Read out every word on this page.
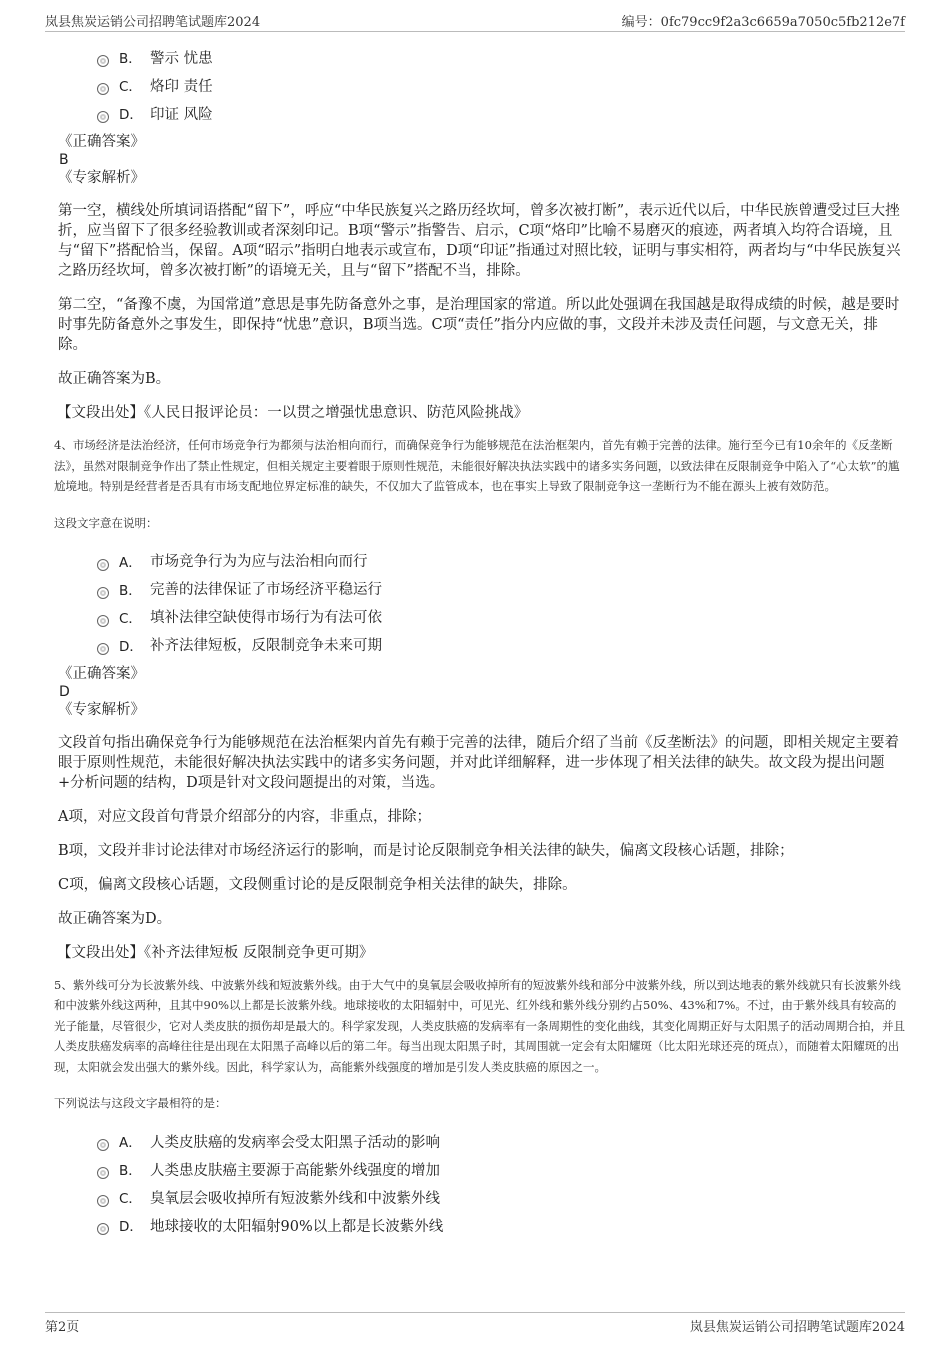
岚县焦炭运销公司招聘笔试题库2024	编号：0fc79cc9f2a3c6659a7050c5fb212e7f
B． 警示 忧患
C． 烙印 责任
D． 印证 风险
《正确答案》
B
《专家解析》
第一空，横线处所填词语搭配“留下”，呼应“中华民族复兴之路历经坎坷，曾多次被打断”，表示近代以后，中华民族曾遭受过巨大挫折，应当留下了很多经验教训或者深刻印记。B项“警示”指警告、启示，C项“烙印”比喻不易磨灭的痕迹，两者填入均符合语境，且与“留下”搭配恰当，保留。A项“昭示”指明白地表示或宣布，D项“印证”指通过对照比较，证明与事实相符，两者均与“中华民族复兴之路历经坎坷，曾多次被打断”的语境无关，且与“留下”搭配不当，排除。
第二空，“备豫不虞，为国常道”意思是事先防备意外之事，是治理国家的常道。所以此处强调在我国越是取得成绩的时候，越是要时时事先防备意外之事发生，即保持“忧患”意识，B项当选。C项“责任”指分内应做的事，文段并未涉及责任问题，与文意无关，排除。
故正确答案为B。
【文段出处】《人民日报评论员：一以贯之增强忧患意识、防范风险挑战》
4、市场经济是法治经济，任何市场竞争行为都须与法治相向而行，而确保竞争行为能够规范在法治框架内，首先有赖于完善的法律。施行至今已有10余年的《反垄断法》，虽然对限制竞争作出了禁止性规定，但相关规定主要着眼于原则性规范，未能很好解决执法实践中的诸多实务问题，以致法律在反限制竞争中陷入了“心太软”的尴尬境地。特别是经营者是否具有市场支配地位界定标准的缺失，不仅加大了监管成本，也在事实上导致了限制竞争这一垄断行为不能在源头上被有效防范。
这段文字意在说明：
A． 市场竞争行为为应与法治相向而行
B． 完善的法律保证了市场经济平稳运行
C． 填补法律空缺使得市场行为有法可依
D． 补齐法律短板，反限制竞争未来可期
《正确答案》
D
《专家解析》
文段首句指出确保竞争行为能够规范在法治框架内首先有赖于完善的法律，随后介绍了当前《反垄断法》的问题，即相关规定主要着眼于原则性规范，未能很好解决执法实践中的诸多实务问题，并对此详细解释，进一步体现了相关法律的缺失。故文段为提出问题+分析问题的结构，D项是针对文段问题提出的对策，当选。
A项，对应文段首句背景介绍部分的内容，非重点，排除；
B项，文段并非讨论法律对市场经济运行的影响，而是讨论反限制竞争相关法律的缺失，偏离文段核心话题，排除；
C项，偏离文段核心话题，文段侧重讨论的是反限制竞争相关法律的缺失，排除。
故正确答案为D。
【文段出处】《补齐法律短板 反限制竞争更可期》
5、紫外线可分为长波紫外线、中波紫外线和短波紫外线。由于大气中的臭氧层会吸收掉所有的短波紫外线和部分中波紫外线，所以到达地表的紫外线就只有长波紫外线和中波紫外线这两种，且其中90%以上都是长波紫外线。地球接收的太阳辐射中，可见光、红外线和紫外线分别约占50%、43%和7%。不过，由于紫外线具有较高的光子能量，尽管很少，它对人类皮肤的损伤却是最大的。科学家发现，人类皮肤癌的发病率有一条周期性的变化曲线，其变化周期正好与太阳黑子的活动周期合拍，并且人类皮肤癌发病率的高峰往往是出现在太阳黑子高峰以后的第二年。每当出现太阳黑子时，其周围就一定会有太阳耀斑（比太阳光球还亮的斑点），而随着太阳耀斑的出现，太阳就会发出强大的紫外线。因此，科学家认为，高能紫外线强度的增加是引发人类皮肤癌的原因之一。
下列说法与这段文字最相符的是：
A． 人类皮肤癌的发病率会受太阳黑子活动的影响
B． 人类患皮肤癌主要源于高能紫外线强度的增加
C． 臭氧层会吸收掉所有短波紫外线和中波紫外线
D． 地球接收的太阳辐射90%以上都是长波紫外线
第2页	岚县焦炭运销公司招聘笔试题库2024
